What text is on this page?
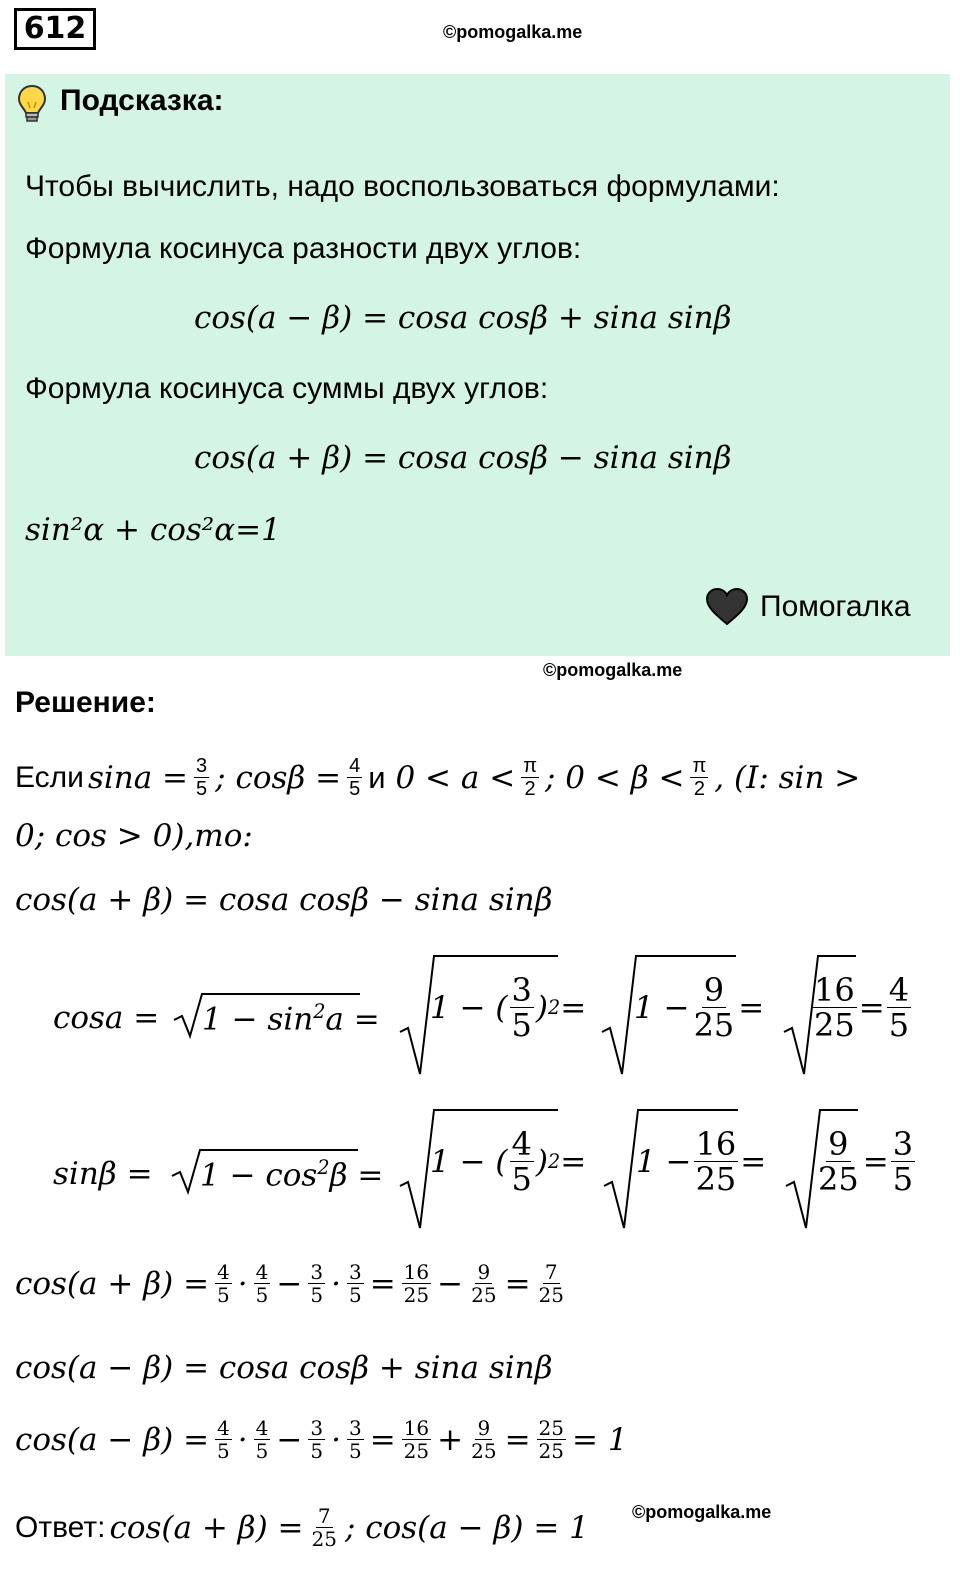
612	©pomogalka.me
Подсказка:
Чтобы вычислить, надо воспользоваться формулами:
Формула косинуса разности двух углов:
cos(a − β) = cosa cosβ + sina sinβ
Формула косинуса суммы двух углов:
cos(a + β) = cosa cosβ − sina sinβ
sin²α + cos²α=1
Помогалка
©pomogalka.me
Решение:
Если $\sin a = \frac{3}{5}$ ; $\cos\beta = \frac{4}{5}$ и $0 < a < \frac{\pi}{2}$ ; $0 < \beta < \frac{\pi}{2}$ , (I: sin >
0; cos > 0),то:
cos(a + β) = cosa cosβ − sina sinβ
$\cos a = 1 - \sin^2a = 1$ − ( $\frac{3}{5}$ ) $2 = 1 - \frac{9}{25} = \frac{16}{25} = \frac{4}{5}$
$\sin\beta = 1 - \cos^2\beta = 1$ − ( $\frac{4}{5}$ ) $2 = 1 - \frac{16}{25} = \frac{9}{25} = \frac{3}{5}$
$\cos(a + \beta) = \frac{4}{5} \cdot \frac{4}{5} - \frac{3}{5} \cdot \frac{3}{5} = \frac{16}{25} - \frac{9}{25} = \frac{7}{25}$
cos(a − β) = cosa cosβ + sina sinβ
$\cos(a - \beta) = \frac{4}{5} \cdot \frac{4}{5} - \frac{3}{5} \cdot \frac{3}{5} = \frac{16}{25} + \frac{9}{25} = \frac{25}{25} = 1$
Ответ: $\cos(a + \beta) = \frac{7}{25}$ ; cos(a − β) = 1 ©pomogalka.me
